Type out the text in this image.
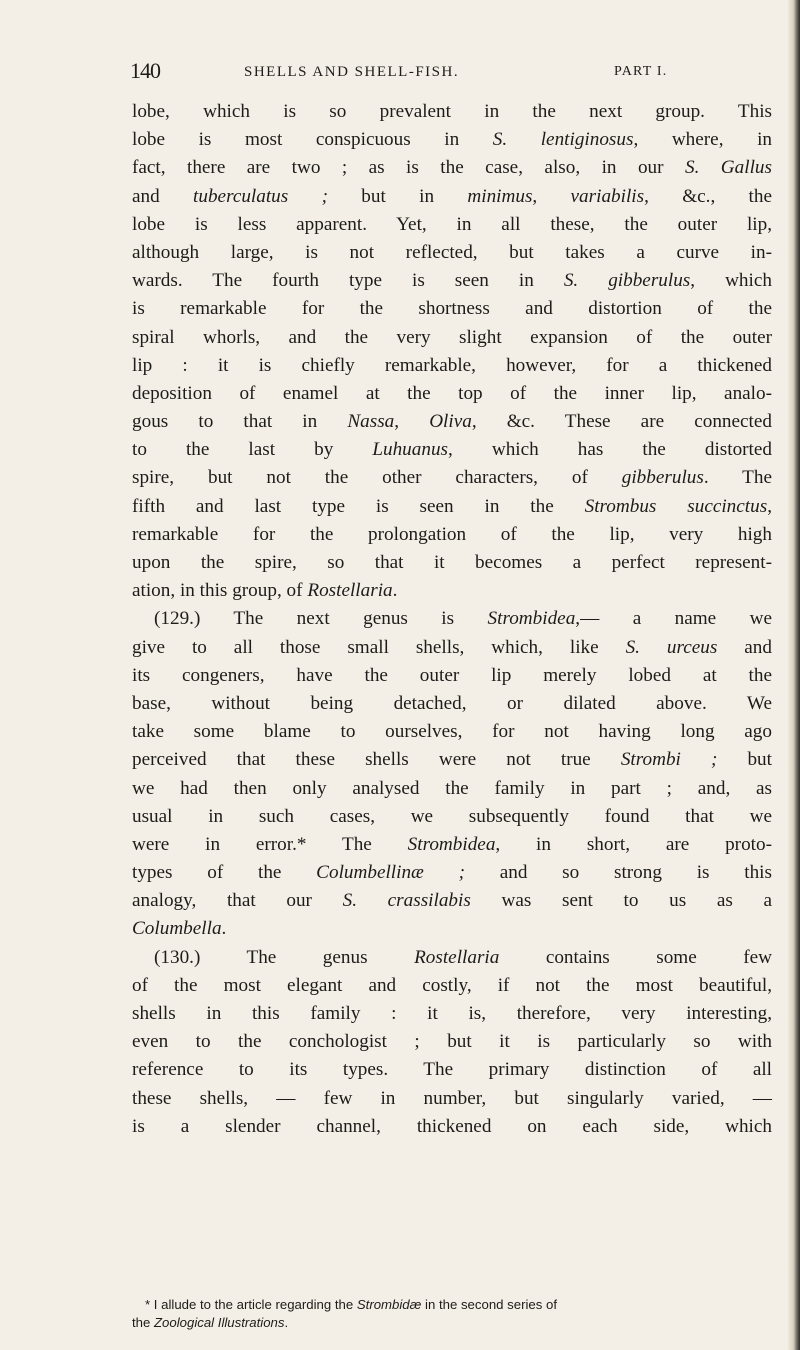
140	SHELLS AND SHELL-FISH.	PART I.
lobe, which is so prevalent in the next group. This
lobe is most conspicuous in S. lentiginosus, where, in
fact, there are two ; as is the case, also, in our S. Gallus
and tuberculatus ; but in minimus, variabilis, &c., the
lobe is less apparent. Yet, in all these, the outer lip,
although large, is not reflected, but takes a curve in-
wards. The fourth type is seen in S. gibberulus, which
is remarkable for the shortness and distortion of the
spiral whorls, and the very slight expansion of the outer
lip : it is chiefly remarkable, however, for a thickened
deposition of enamel at the top of the inner lip, analo-
gous to that in Nassa, Oliva, &c. These are connected
to the last by Luhuanus, which has the distorted
spire, but not the other characters, of gibberulus. The
fifth and last type is seen in the Strombus succinctus,
remarkable for the prolongation of the lip, very high
upon the spire, so that it becomes a perfect represent-
ation, in this group, of Rostellaria.
(129.) The next genus is Strombidea,— a name we
give to all those small shells, which, like S. urceus and
its congeners, have the outer lip merely lobed at the
base, without being detached, or dilated above. We
take some blame to ourselves, for not having long ago
perceived that these shells were not true Strombi ; but
we had then only analysed the family in part ; and, as
usual in such cases, we subsequently found that we
were in error.* The Strombidea, in short, are proto-
types of the Columbellinæ ; and so strong is this
analogy, that our S. crassilabis was sent to us as a
Columbella.
(130.) The genus Rostellaria contains some few
of the most elegant and costly, if not the most beautiful,
shells in this family : it is, therefore, very interesting,
even to the conchologist ; but it is particularly so with
reference to its types. The primary distinction of all
these shells, — few in number, but singularly varied, —
is a slender channel, thickened on each side, which
* I allude to the article regarding the Strombidæ in the second series of
the Zoological Illustrations.
